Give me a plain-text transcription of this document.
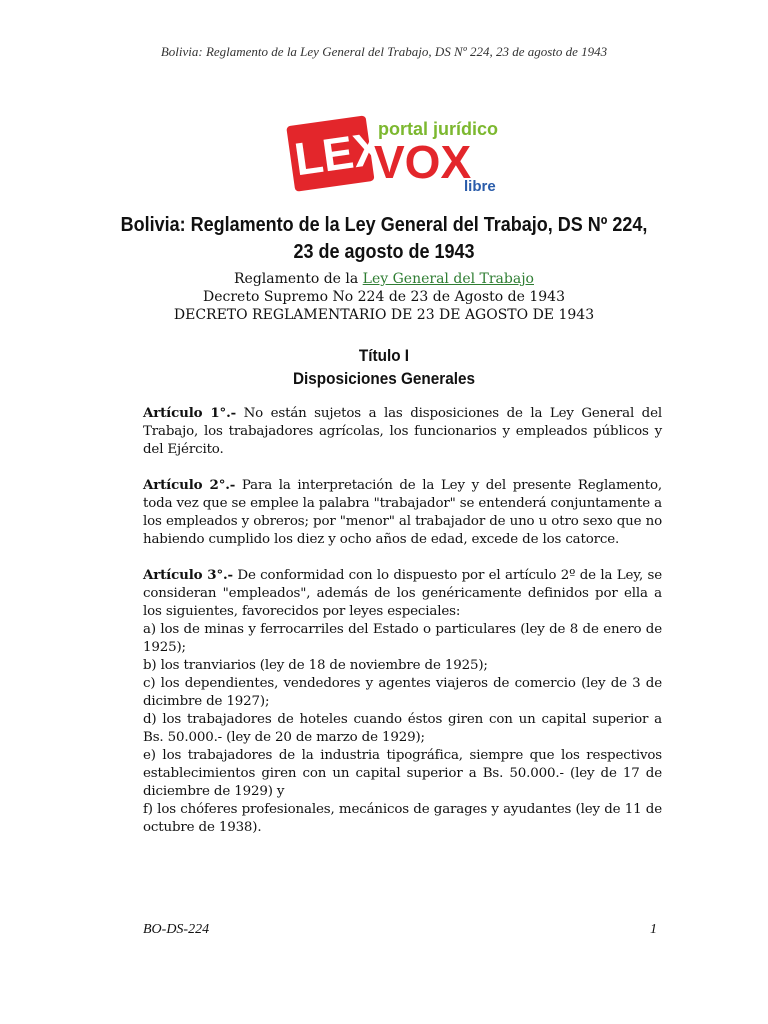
Bolivia: Reglamento de la Ley General del Trabajo, DS Nº 224, 23 de agosto de 1943
LEX
portal jurídico
VOX
libre
Bolivia: Reglamento de la Ley General del Trabajo, DS Nº 224,
23 de agosto de 1943
Reglamento de la Ley General del Trabajo
Decreto Supremo No 224 de 23 de Agosto de 1943
DECRETO REGLAMENTARIO DE 23 DE AGOSTO DE 1943
Título I
Disposiciones Generales

Artículo 1°.- No están sujetos a las disposiciones de la Ley General del Trabajo, los trabajadores agrícolas, los funcionarios y empleados públicos y del Ejército.

Artículo 2°.- Para la interpretación de la Ley y del presente Reglamento, toda vez que se emplee la palabra "trabajador" se entenderá conjuntamente a los empleados y obreros; por "menor" al trabajador de uno u otro sexo que no habiendo cumplido los diez y ocho años de edad, excede de los catorce.

Artículo 3°.- De conformidad con lo dispuesto por el artículo 2º de la Ley, se consideran "empleados", además de los genéricamente definidos por ella a los siguientes, favorecidos por leyes especiales:
a) los de minas y ferrocarriles del Estado o particulares (ley de 8 de enero de 1925);
b) los tranviarios (ley de 18 de noviembre de 1925);
c) los dependientes, vendedores y agentes viajeros de comercio (ley de 3 de dicimbre de 1927);
d) los trabajadores de hoteles cuando éstos giren con un capital superior a Bs. 50.000.- (ley de 20 de marzo de 1929);
e) los trabajadores de la industria tipográfica, siempre que los respectivos establecimientos giren con un capital superior a Bs. 50.000.- (ley de 17 de diciembre de 1929) y
f) los chóferes profesionales, mecánicos de garages y ayudantes (ley de 11 de octubre de 1938).

BO-DS-224	1
